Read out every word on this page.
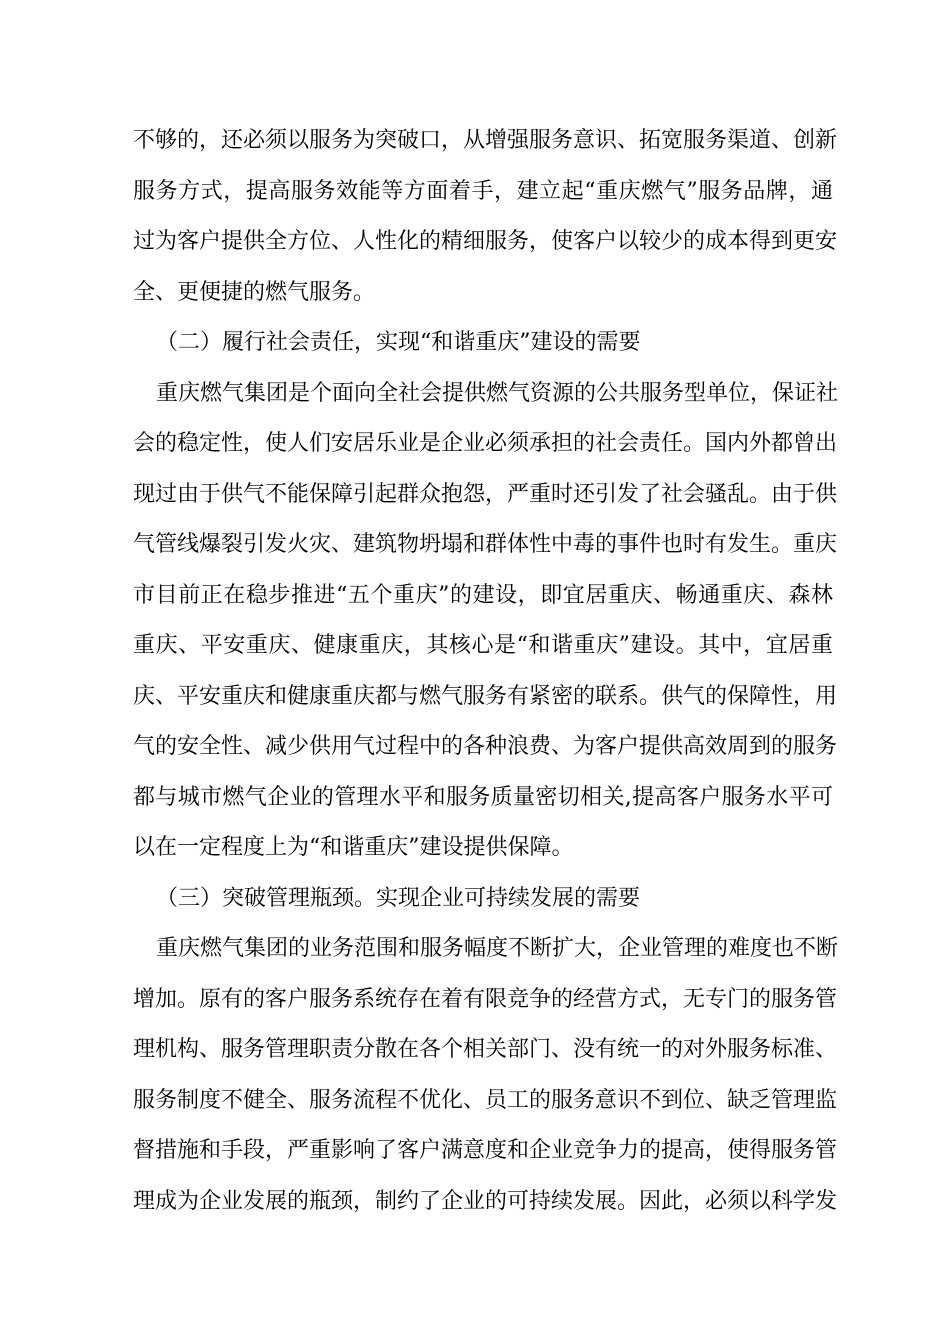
不够的，还必须以服务为突破口，从增强服务意识、拓宽服务渠道、创新
服务方式，提高服务效能等方面着手，建立起“重庆燃气”服务品牌，通
过为客户提供全方位、人性化的精细服务，使客户以较少的成本得到更安
全、更便捷的燃气服务。
（二）履行社会责任，实现“和谐重庆”建设的需要
重庆燃气集团是个面向全社会提供燃气资源的公共服务型单位，保证社
会的稳定性，使人们安居乐业是企业必须承担的社会责任。国内外都曾出
现过由于供气不能保障引起群众抱怨，严重时还引发了社会骚乱。由于供
气管线爆裂引发火灾、建筑物坍塌和群体性中毒的事件也时有发生。重庆
市目前正在稳步推进“五个重庆”的建设，即宜居重庆、畅通重庆、森林
重庆、平安重庆、健康重庆，其核心是“和谐重庆”建设。其中，宜居重
庆、平安重庆和健康重庆都与燃气服务有紧密的联系。供气的保障性，用
气的安全性、减少供用气过程中的各种浪费、为客户提供高效周到的服务
都与城市燃气企业的管理水平和服务质量密切相关,提高客户服务水平可
以在一定程度上为“和谐重庆”建设提供保障。
（三）突破管理瓶颈。实现企业可持续发展的需要
重庆燃气集团的业务范围和服务幅度不断扩大，企业管理的难度也不断
增加。原有的客户服务系统存在着有限竞争的经营方式，无专门的服务管
理机构、服务管理职责分散在各个相关部门、没有统一的对外服务标准、
服务制度不健全、服务流程不优化、员工的服务意识不到位、缺乏管理监
督措施和手段，严重影响了客户满意度和企业竞争力的提高，使得服务管
理成为企业发展的瓶颈，制约了企业的可持续发展。因此，必须以科学发
